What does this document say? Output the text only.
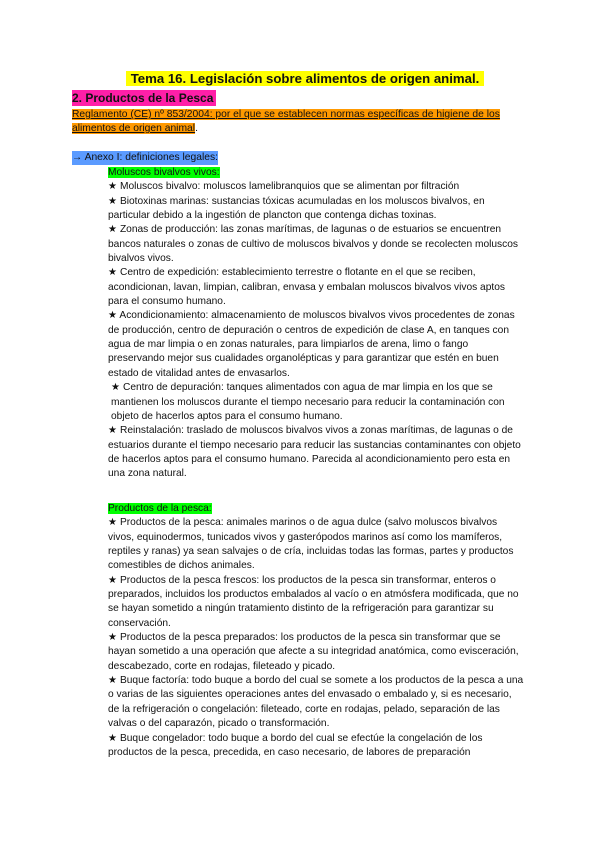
Tema 16. Legislación sobre alimentos de origen animal.
2. Productos de la Pesca
Reglamento (CE) nº 853/2004: por el que se establecen normas específicas de higiene de los alimentos de origen animal.
→ Anexo I: definiciones legales:

Moluscos bivalvos vivos:

★ Moluscos bivalvo: moluscos lamelibranquios que se alimentan por filtración

★ Biotoxinas marinas: sustancias tóxicas acumuladas en los moluscos bivalvos, en particular debido a la ingestión de plancton que contenga dichas toxinas.

★ Zonas de producción: las zonas marítimas, de lagunas o de estuarios se encuentren bancos naturales o zonas de cultivo de moluscos bivalvos y donde se recolecten moluscos bivalvos vivos.

★ Centro de expedición: establecimiento terrestre o flotante en el que se reciben, acondicionan, lavan, limpian, calibran, envasa y embalan moluscos bivalvos vivos aptos para el consumo humano.

★ Acondicionamiento: almacenamiento de moluscos bivalvos vivos procedentes de zonas de producción, centro de depuración o centros de expedición de clase A, en tanques con agua de mar limpia o en zonas naturales, para limpiarlos de arena, limo o fango preservando mejor sus cualidades organolépticas y para garantizar que estén en buen estado de vitalidad antes de envasarlos.

★ Centro de depuración: tanques alimentados con agua de mar limpia en los que se mantienen los moluscos durante el tiempo necesario para reducir la contaminación con objeto de hacerlos aptos para el consumo humano.

★ Reinstalación: traslado de moluscos bivalvos vivos a zonas marítimas, de lagunas o de estuarios durante el tiempo necesario para reducir las sustancias contaminantes con objeto de hacerlos aptos para el consumo humano. Parecida al acondicionamiento pero esta en una zona natural.

Productos de la pesca:

★ Productos de la pesca: animales marinos o de agua dulce (salvo moluscos bivalvos vivos, equinodermos, tunicados vivos y gasterópodos marinos así como los mamíferos, reptiles y ranas) ya sean salvajes o de cría, incluidas todas las formas, partes y productos comestibles de dichos animales.

★ Productos de la pesca frescos: los productos de la pesca sin transformar, enteros o preparados, incluidos los productos embalados al vacío o en atmósfera modificada, que no se hayan sometido a ningún tratamiento distinto de la refrigeración para garantizar su conservación.

★ Productos de la pesca preparados: los productos de la pesca sin transformar que se hayan sometido a una operación que afecte a su integridad anatómica, como evisceración, descabezado, corte en rodajas, fileteado y picado.

★ Buque factoría: todo buque a bordo del cual se somete a los productos de la pesca a una o varias de las siguientes operaciones antes del envasado o embalado y, si es necesario, de la refrigeración o congelación: fileteado, corte en rodajas, pelado, separación de las valvas o del caparazón, picado o transformación.

★ Buque congelador: todo buque a bordo del cual se efectúe la congelación de los productos de la pesca, precedida, en caso necesario, de labores de preparación
